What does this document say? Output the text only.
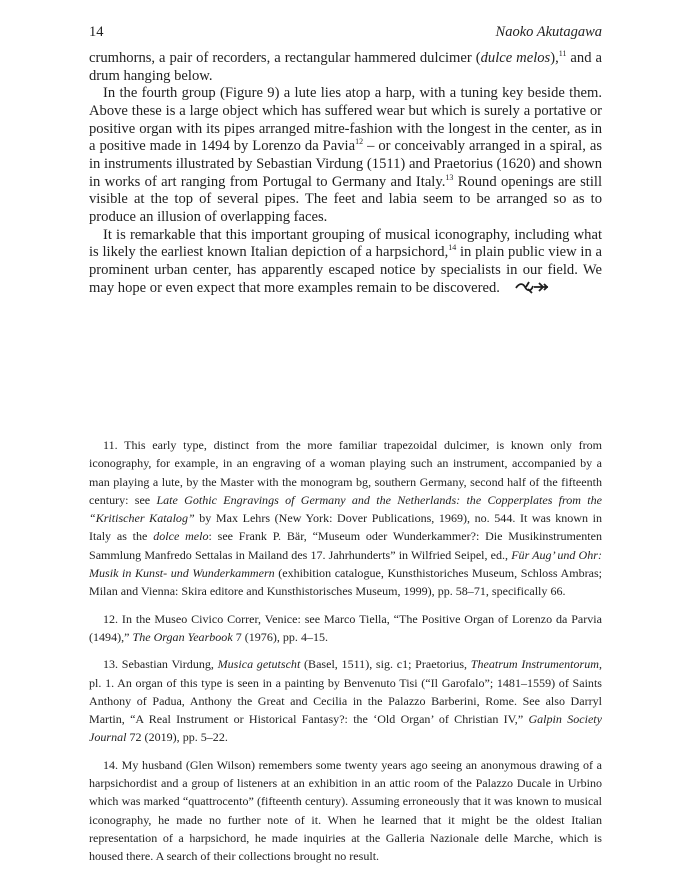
14	Naoko Akutagawa

crumhorns, a pair of recorders, a rectangular hammered dulcimer (dulce melos),$^{11}$ and a drum hanging below.

In the fourth group (Figure 9) a lute lies atop a harp, with a tuning key beside them. Above these is a large object which has suffered wear but which is surely a portative or positive organ with its pipes arranged mitre-fashion with the longest in the center, as in a positive made in 1494 by Lorenzo da Pavia$^{12}$ – or conceivably arranged in a spiral, as in instruments illustrated by Sebastian Virdung (1511) and Praetorius (1620) and shown in works of art ranging from Portugal to Germany and Italy.$^{13}$ Round openings are still visible at the top of several pipes. The feet and labia seem to be arranged so as to produce an illusion of overlapping faces.

It is remarkable that this important grouping of musical iconography, including what is likely the earliest known Italian depiction of a harpsichord,$^{14}$ in plain public view in a prominent urban center, has apparently escaped notice by specialists in our field. We may hope or even expect that more examples remain to be discovered.

11. This early type, distinct from the more familiar trapezoidal dulcimer, is known only from iconography, for example, in an engraving of a woman playing such an instrument, accompanied by a man playing a lute, by the Master with the monogram bg, southern Germany, second half of the fifteenth century: see Late Gothic Engravings of Germany and the Netherlands: the Copperplates from the “Kritischer Katalog” by Max Lehrs (New York: Dover Publications, 1969), no. 544. It was known in Italy as the dolce melo: see Frank P. Bär, “Museum oder Wunderkammer?: Die Musikinstrumenten Sammlung Manfredo Settalas in Mailand des 17. Jahrhunderts” in Wilfried Seipel, ed., Für Aug’ und Ohr: Musik in Kunst- und Wunderkammern (exhibition catalogue, Kunsthistoriches Museum, Schloss Ambras; Milan and Vienna: Skira editore and Kunsthistorisches Museum, 1999), pp. 58–71, specifically 66.

12. In the Museo Civico Correr, Venice: see Marco Tiella, “The Positive Organ of Lorenzo da Parvia (1494),” The Organ Yearbook 7 (1976), pp. 4–15.

13. Sebastian Virdung, Musica getutscht (Basel, 1511), sig. c1; Praetorius, Theatrum Instrumentorum, pl. 1. An organ of this type is seen in a painting by Benvenuto Tisi (“Il Garofalo”; 1481–1559) of Saints Anthony of Padua, Anthony the Great and Cecilia in the Palazzo Barberini, Rome. See also Darryl Martin, “A Real Instrument or Historical Fantasy?: the ‘Old Organ’ of Christian IV,” Galpin Society Journal 72 (2019), pp. 5–22.

14. My husband (Glen Wilson) remembers some twenty years ago seeing an anonymous drawing of a harpsichordist and a group of listeners at an exhibition in an attic room of the Palazzo Ducale in Urbino which was marked “quattrocento” (fifteenth century). Assuming erroneously that it was known to musical iconography, he made no further note of it. When he learned that it might be the oldest Italian representation of a harpsichord, he made inquiries at the Galleria Nazionale delle Marche, which is housed there. A search of their collections brought no result.
